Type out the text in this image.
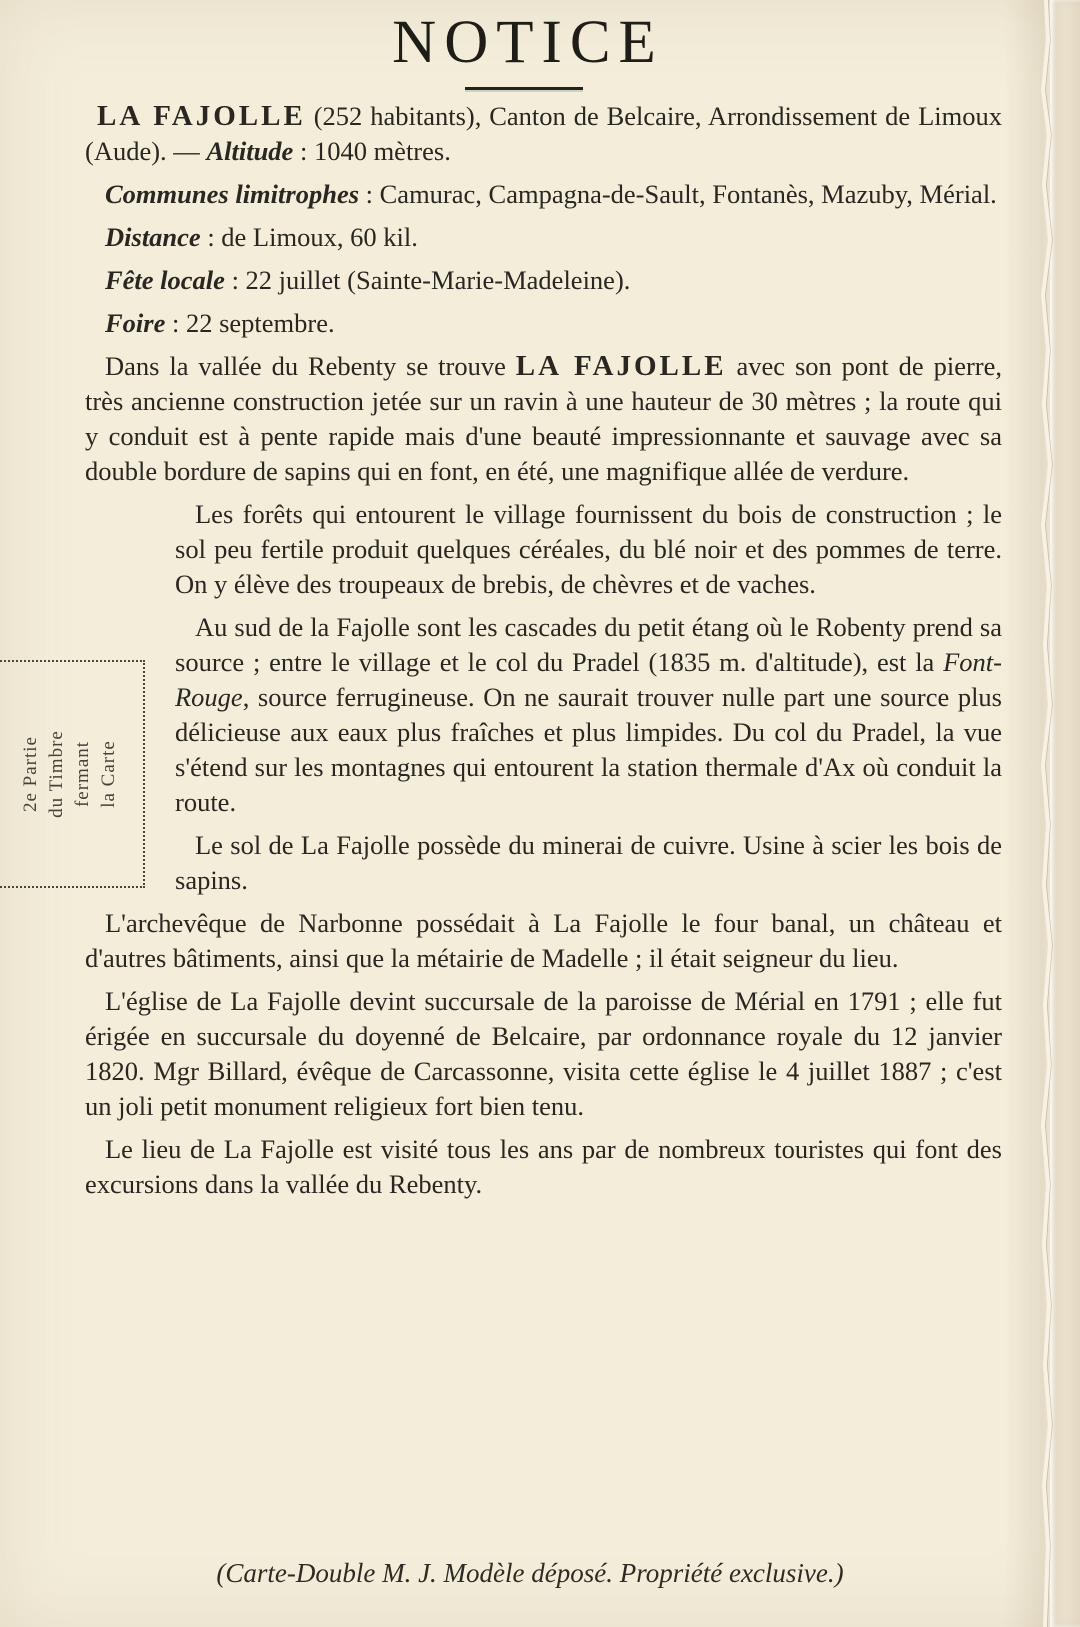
NOTICE
2e Partie du Timbre fermant la Carte

LA FAJOLLE (252 habitants), Canton de Belcaire, Arrondissement de Limoux (Aude). — Altitude : 1040 mètres.

Communes limitrophes : Camurac, Campagna-de-Sault, Fontanès, Mazuby, Mérial.

Distance : de Limoux, 60 kil.

Fête locale : 22 juillet (Sainte-Marie-Madeleine).

Foire : 22 septembre.

Dans la vallée du Rebenty se trouve LA FAJOLLE avec son pont de pierre, très ancienne construction jetée sur un ravin à une hauteur de 30 mètres ; la route qui y conduit est à pente rapide mais d'une beauté impressionnante et sauvage avec sa double bordure de sapins qui en font, en été, une magnifique allée de verdure.

Les forêts qui entourent le village fournissent du bois de construction ; le sol peu fertile produit quelques céréales, du blé noir et des pommes de terre. On y élève des troupeaux de brebis, de chèvres et de vaches.

Au sud de la Fajolle sont les cascades du petit étang où le Robenty prend sa source ; entre le village et le col du Pradel (1835 m. d'altitude), est la Font-Rouge, source ferrugineuse. On ne saurait trouver nulle part une source plus délicieuse aux eaux plus fraîches et plus limpides. Du col du Pradel, la vue s'étend sur les montagnes qui entourent la station thermale d'Ax où conduit la route.

Le sol de La Fajolle possède du minerai de cuivre. Usine à scier les bois de sapins.

L'archevêque de Narbonne possédait à La Fajolle le four banal, un château et d'autres bâtiments, ainsi que la métairie de Madelle ; il était seigneur du lieu.

L'église de La Fajolle devint succursale de la paroisse de Mérial en 1791 ; elle fut érigée en succursale du doyenné de Belcaire, par ordonnance royale du 12 janvier 1820. Mgr Billard, évêque de Carcassonne, visita cette église le 4 juillet 1887 ; c'est un joli petit monument religieux fort bien tenu.

Le lieu de La Fajolle est visité tous les ans par de nombreux touristes qui font des excursions dans la vallée du Rebenty.

(Carte-Double M. J. Modèle déposé. Propriété exclusive.)
